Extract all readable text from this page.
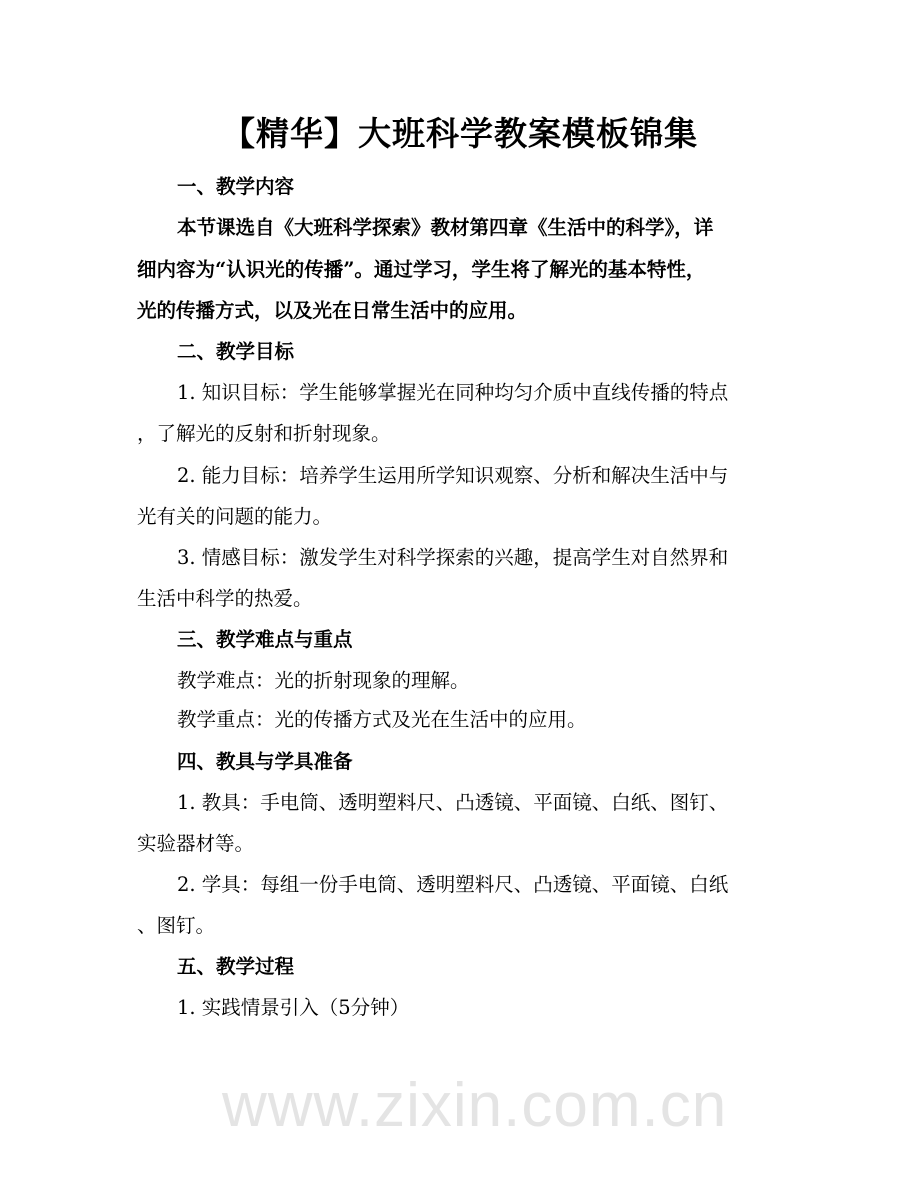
【精华】大班科学教案模板锦集
一、教学内容
本节课选自《大班科学探索》教材第四章《生活中的科学》，详
细内容为“认识光的传播”。通过学习，学生将了解光的基本特性，
光的传播方式，以及光在日常生活中的应用。
二、教学目标
1. 知识目标：学生能够掌握光在同种均匀介质中直线传播的特点
，了解光的反射和折射现象。
2. 能力目标：培养学生运用所学知识观察、分析和解决生活中与
光有关的问题的能力。
3. 情感目标：激发学生对科学探索的兴趣，提高学生对自然界和
生活中科学的热爱。
三、教学难点与重点
教学难点：光的折射现象的理解。
教学重点：光的传播方式及光在生活中的应用。
四、教具与学具准备
1. 教具：手电筒、透明塑料尺、凸透镜、平面镜、白纸、图钉、
实验器材等。
2. 学具：每组一份手电筒、透明塑料尺、凸透镜、平面镜、白纸
、图钉。
五、教学过程
1. 实践情景引入（5分钟）
www.zixin.com.cn
